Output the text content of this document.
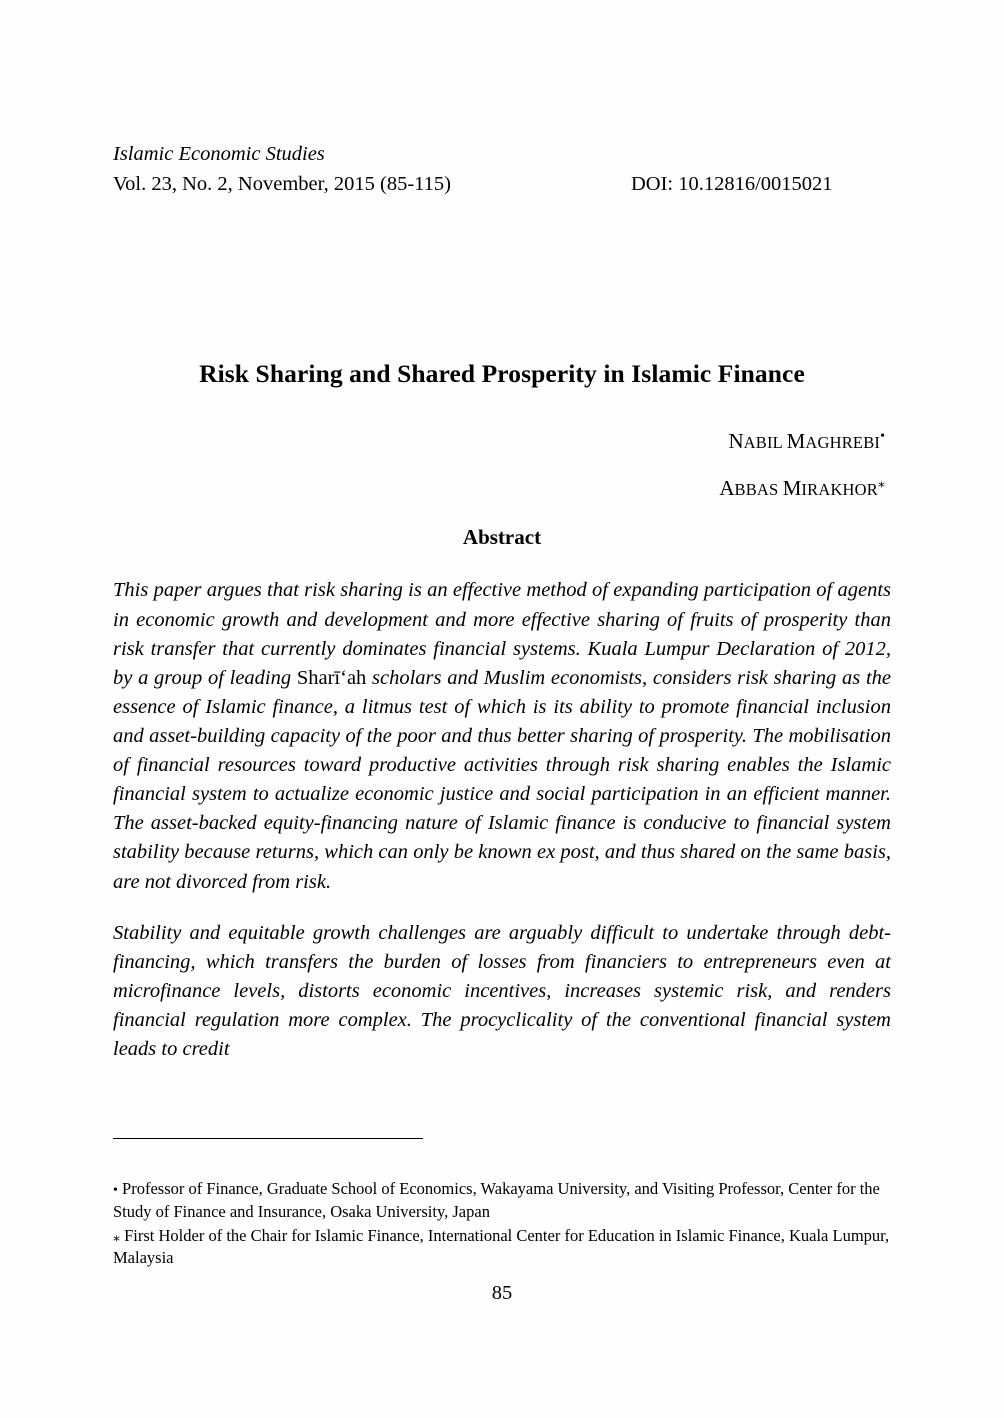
Islamic Economic Studies
Vol. 23, No. 2, November, 2015 (85-115)	DOI: 10.12816/0015021
Risk Sharing and Shared Prosperity in Islamic Finance
NABIL MAGHREBI•
ABBAS MIRAKHOR⁎
Abstract

This paper argues that risk sharing is an effective method of expanding participation of agents in economic growth and development and more effective sharing of fruits of prosperity than risk transfer that currently dominates financial systems. Kuala Lumpur Declaration of 2012, by a group of leading Sharīʻah scholars and Muslim economists, considers risk sharing as the essence of Islamic finance, a litmus test of which is its ability to promote financial inclusion and asset-building capacity of the poor and thus better sharing of prosperity. The mobilisation of financial resources toward productive activities through risk sharing enables the Islamic financial system to actualize economic justice and social participation in an efficient manner. The asset-backed equity-financing nature of Islamic finance is conducive to financial system stability because returns, which can only be known ex post, and thus shared on the same basis, are not divorced from risk.

Stability and equitable growth challenges are arguably difficult to undertake through debt-financing, which transfers the burden of losses from financiers to entrepreneurs even at microfinance levels, distorts economic incentives, increases systemic risk, and renders financial regulation more complex. The procyclicality of the conventional financial system leads to credit

• Professor of Finance, Graduate School of Economics, Wakayama University, and Visiting Professor, Center for the Study of Finance and Insurance, Osaka University, Japan

⁎ First Holder of the Chair for Islamic Finance, International Center for Education in Islamic Finance, Kuala Lumpur, Malaysia

85
